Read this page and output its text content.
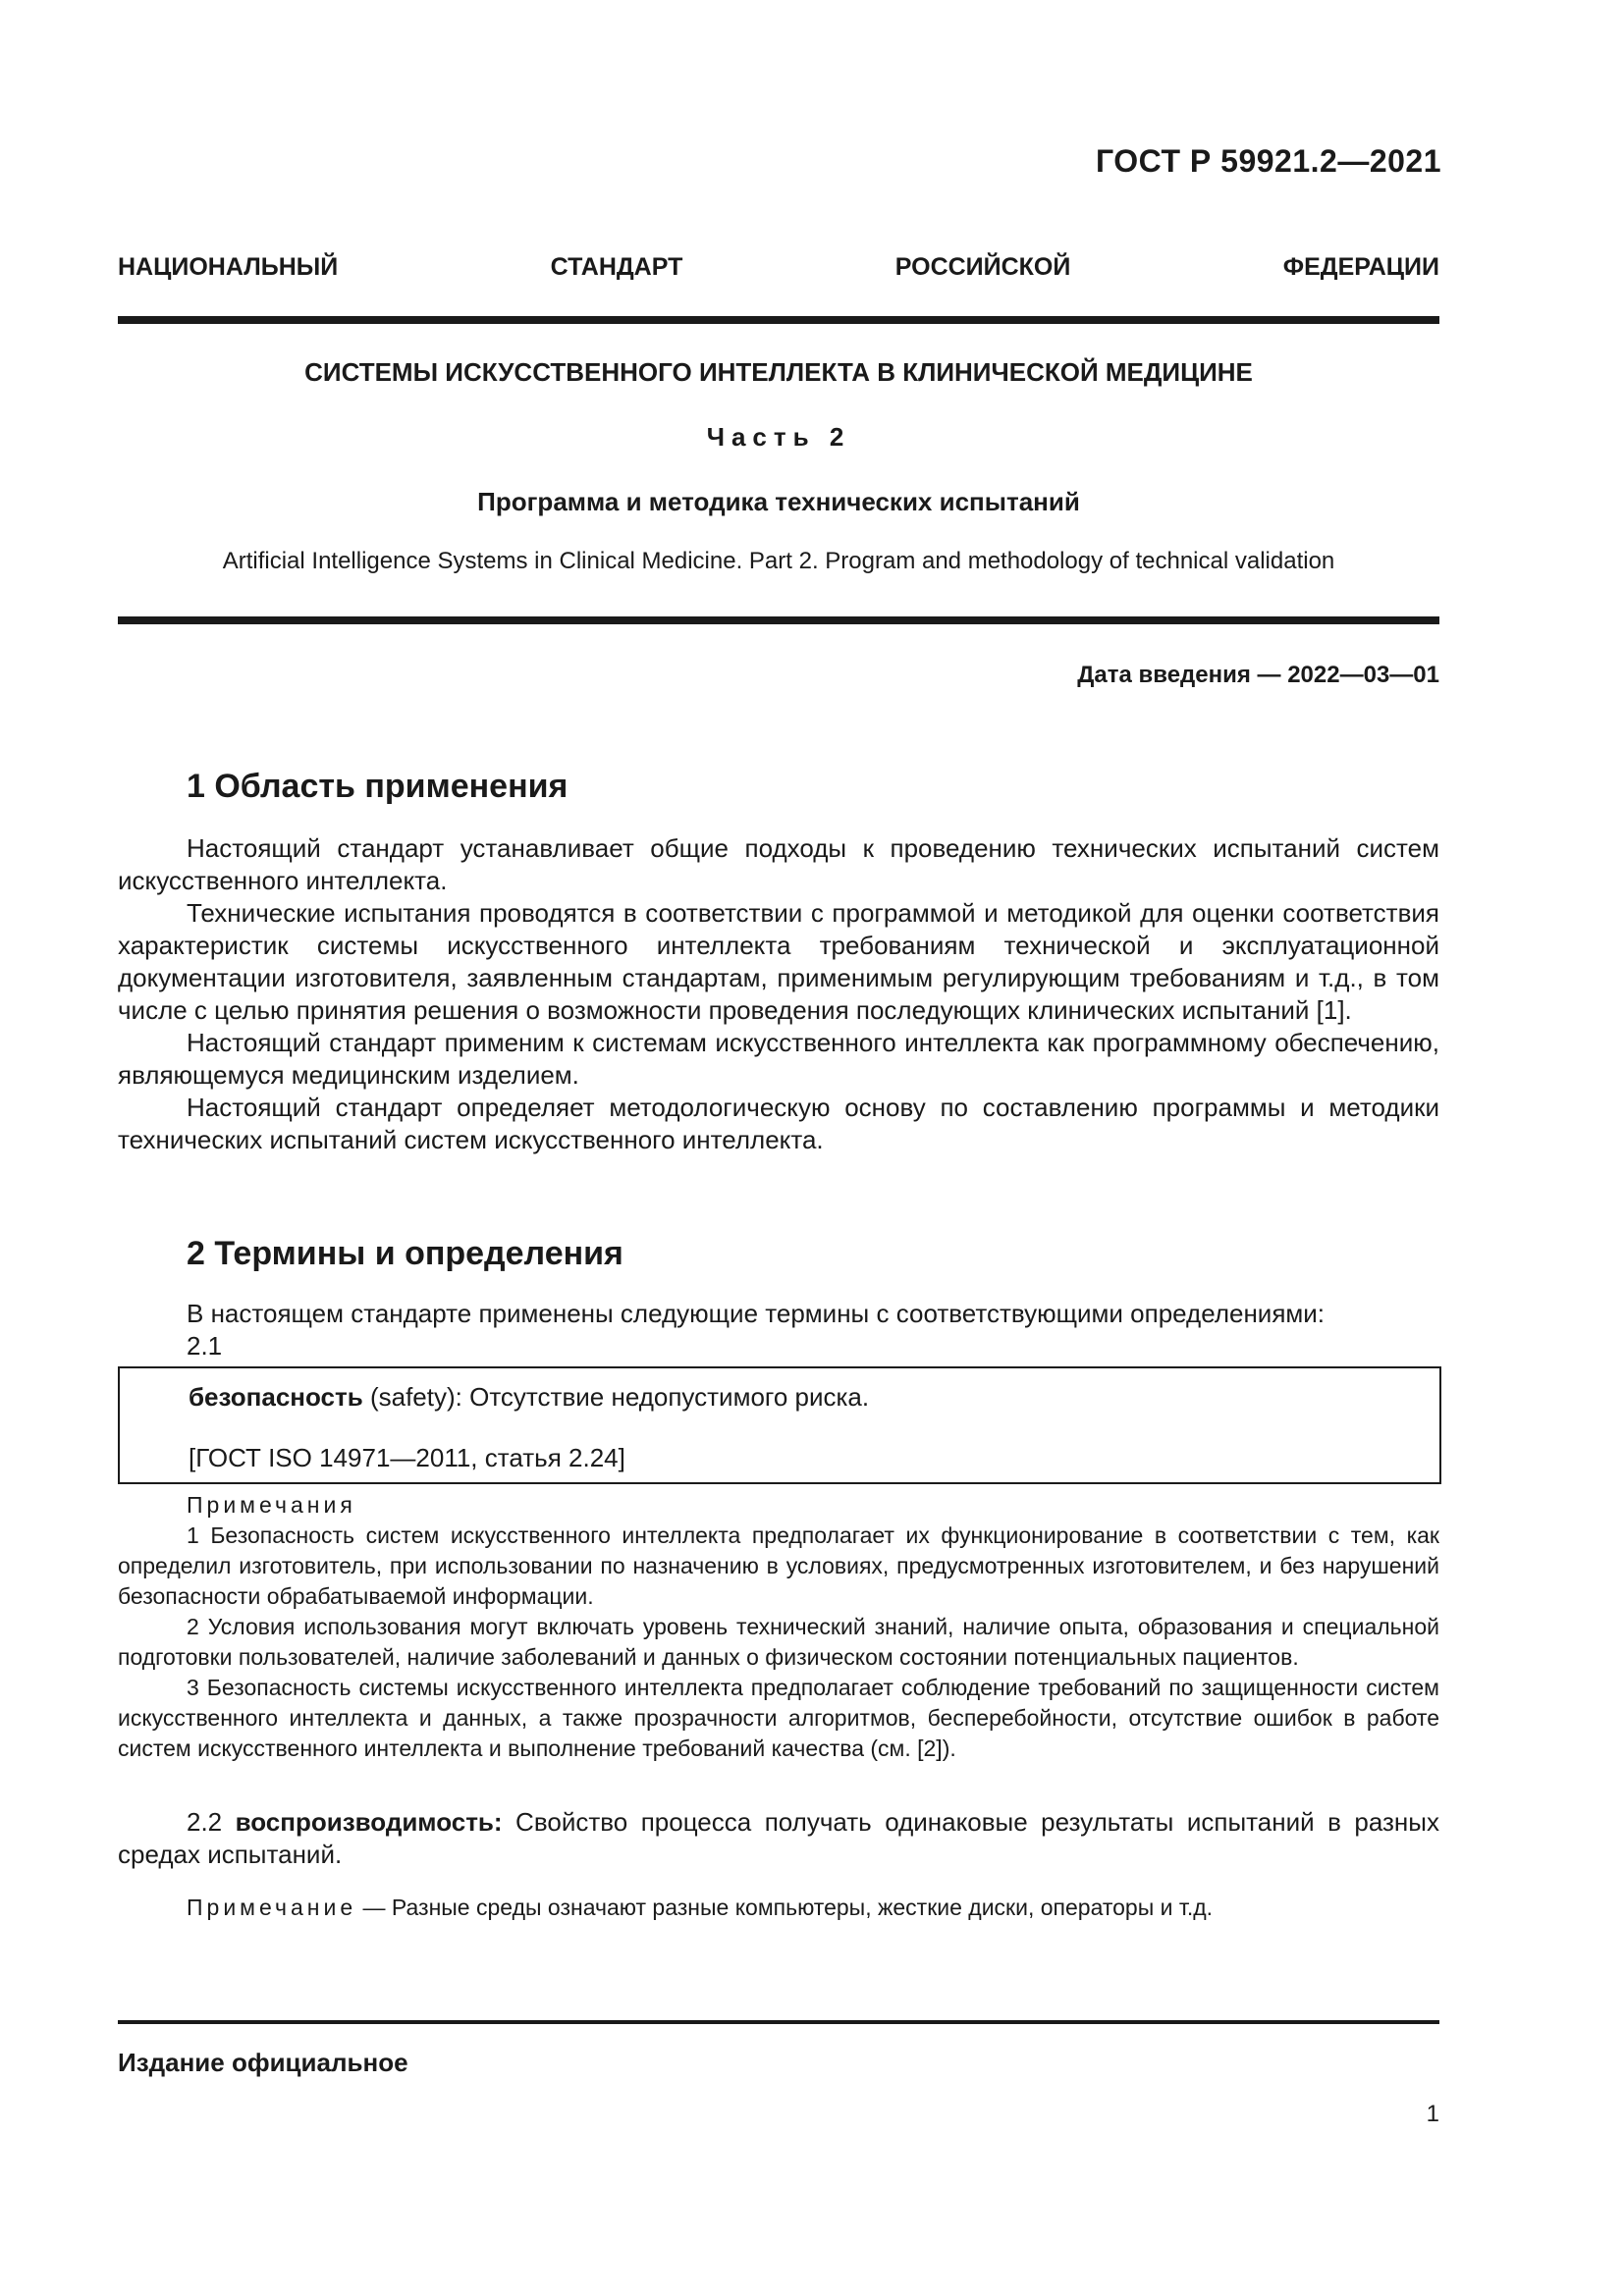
ГОСТ Р 59921.2—2021
НАЦИОНАЛЬНЫЙ СТАНДАРТ РОССИЙСКОЙ ФЕДЕРАЦИИ
СИСТЕМЫ ИСКУССТВЕННОГО ИНТЕЛЛЕКТА В КЛИНИЧЕСКОЙ МЕДИЦИНЕ
Часть 2
Программа и методика технических испытаний
Artificial Intelligence Systems in Clinical Medicine. Part 2. Program and methodology of technical validation
Дата введения — 2022—03—01
1 Область применения

Настоящий стандарт устанавливает общие подходы к проведению технических испытаний систем искусственного интеллекта.

Технические испытания проводятся в соответствии с программой и методикой для оценки соответствия характеристик системы искусственного интеллекта требованиям технической и эксплуатационной документации изготовителя, заявленным стандартам, применимым регулирующим требованиям и т.д., в том числе с целью принятия решения о возможности проведения последующих клинических испытаний [1].

Настоящий стандарт применим к системам искусственного интеллекта как программному обеспечению, являющемуся медицинским изделием.

Настоящий стандарт определяет методологическую основу по составлению программы и методики технических испытаний систем искусственного интеллекта.

2 Термины и определения

В настоящем стандарте применены следующие термины с соответствующими определениями:

2.1

безопасность (safety): Отсутствие недопустимого риска.
[ГОСТ ISO 14971—2011, статья 2.24]

Примечания

1 Безопасность систем искусственного интеллекта предполагает их функционирование в соответствии с тем, как определил изготовитель, при использовании по назначению в условиях, предусмотренных изготовителем, и без нарушений безопасности обрабатываемой информации.

2 Условия использования могут включать уровень технический знаний, наличие опыта, образования и специальной подготовки пользователей, наличие заболеваний и данных о физическом состоянии потенциальных пациентов.

3 Безопасность системы искусственного интеллекта предполагает соблюдение требований по защищенности систем искусственного интеллекта и данных, а также прозрачности алгоритмов, бесперебойности, отсутствие ошибок в работе систем искусственного интеллекта и выполнение требований качества (см. [2]).

2.2 воспроизводимость: Свойство процесса получать одинаковые результаты испытаний в разных средах испытаний.

Примечание — Разные среды означают разные компьютеры, жесткие диски, операторы и т.д.

Издание официальное
1
